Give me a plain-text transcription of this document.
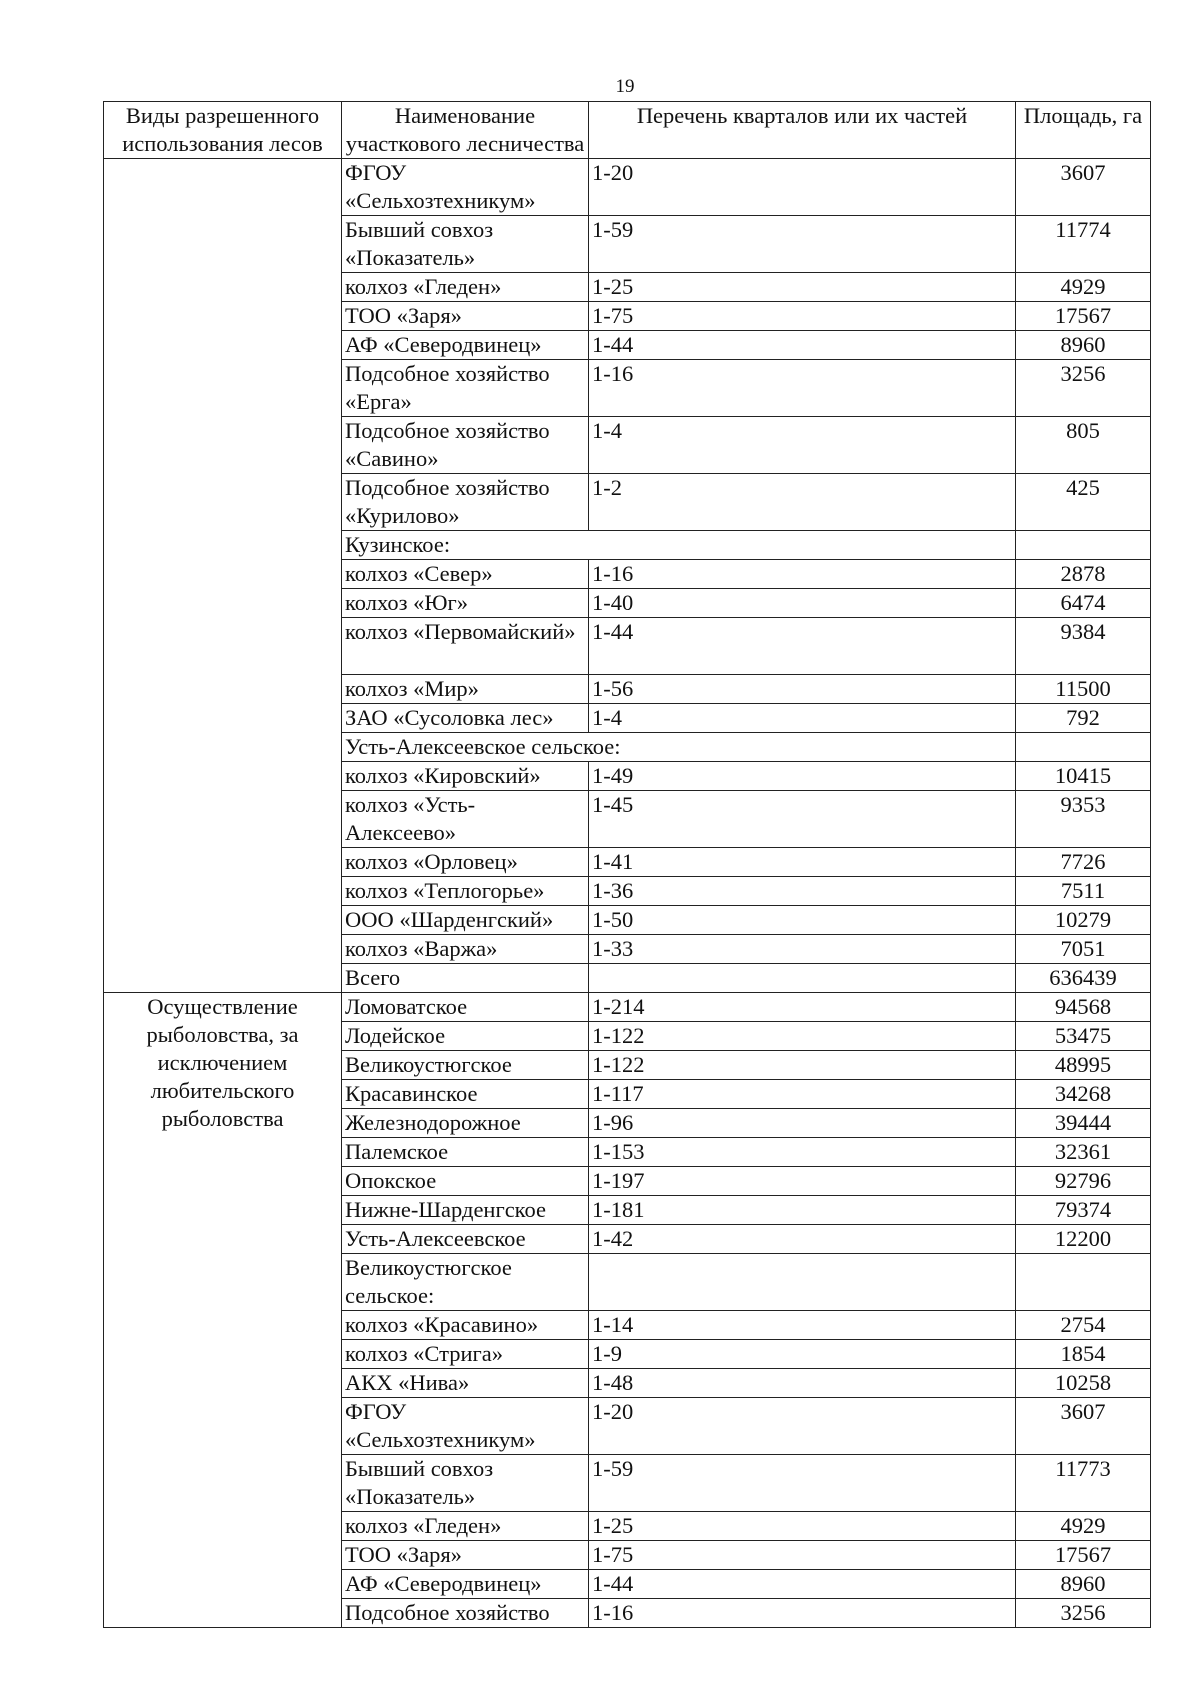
19
Виды разрешенного использования лесов	Наименование участкового лесничества	Перечень кварталов или их частей	Площадь, га
	ФГОУ «Сельхозтехникум»	1-20	3607
	Бывший совхоз «Показатель»	1-59	11774
	колхоз «Гледен»	1-25	4929
	ТОО «Заря»	1-75	17567
	АФ «Северодвинец»	1-44	8960
	Подсобное хозяйство «Ерга»	1-16	3256
	Подсобное хозяйство «Савино»	1-4	805
	Подсобное хозяйство «Курилово»	1-2	425
	Кузинское:		
	колхоз «Север»	1-16	2878
	колхоз «Юг»	1-40	6474
	колхоз «Первомайский»	1-44	9384
	колхоз «Мир»	1-56	11500
	ЗАО «Сусоловка лес»	1-4	792
	Усть-Алексеевское сельское:		
	колхоз «Кировский»	1-49	10415
	колхоз «Усть-Алексеево»	1-45	9353
	колхоз «Орловец»	1-41	7726
	колхоз «Теплогорье»	1-36	7511
	ООО «Шарденгский»	1-50	10279
	колхоз «Варжа»	1-33	7051
	Всего		636439
Осуществление рыболовства, за исключением любительского рыболовства	Ломоватское	1-214	94568
	Лодейское	1-122	53475
	Великоустюгское	1-122	48995
	Красавинское	1-117	34268
	Железнодорожное	1-96	39444
	Палемское	1-153	32361
	Опокское	1-197	92796
	Нижне-Шарденгское	1-181	79374
	Усть-Алексеевское	1-42	12200
	Великоустюгское сельское:		
	колхоз «Красавино»	1-14	2754
	колхоз «Стрига»	1-9	1854
	АКХ «Нива»	1-48	10258
	ФГОУ «Сельхозтехникум»	1-20	3607
	Бывший совхоз «Показатель»	1-59	11773
	колхоз «Гледен»	1-25	4929
	ТОО «Заря»	1-75	17567
	АФ «Северодвинец»	1-44	8960
	Подсобное хозяйство	1-16	3256
